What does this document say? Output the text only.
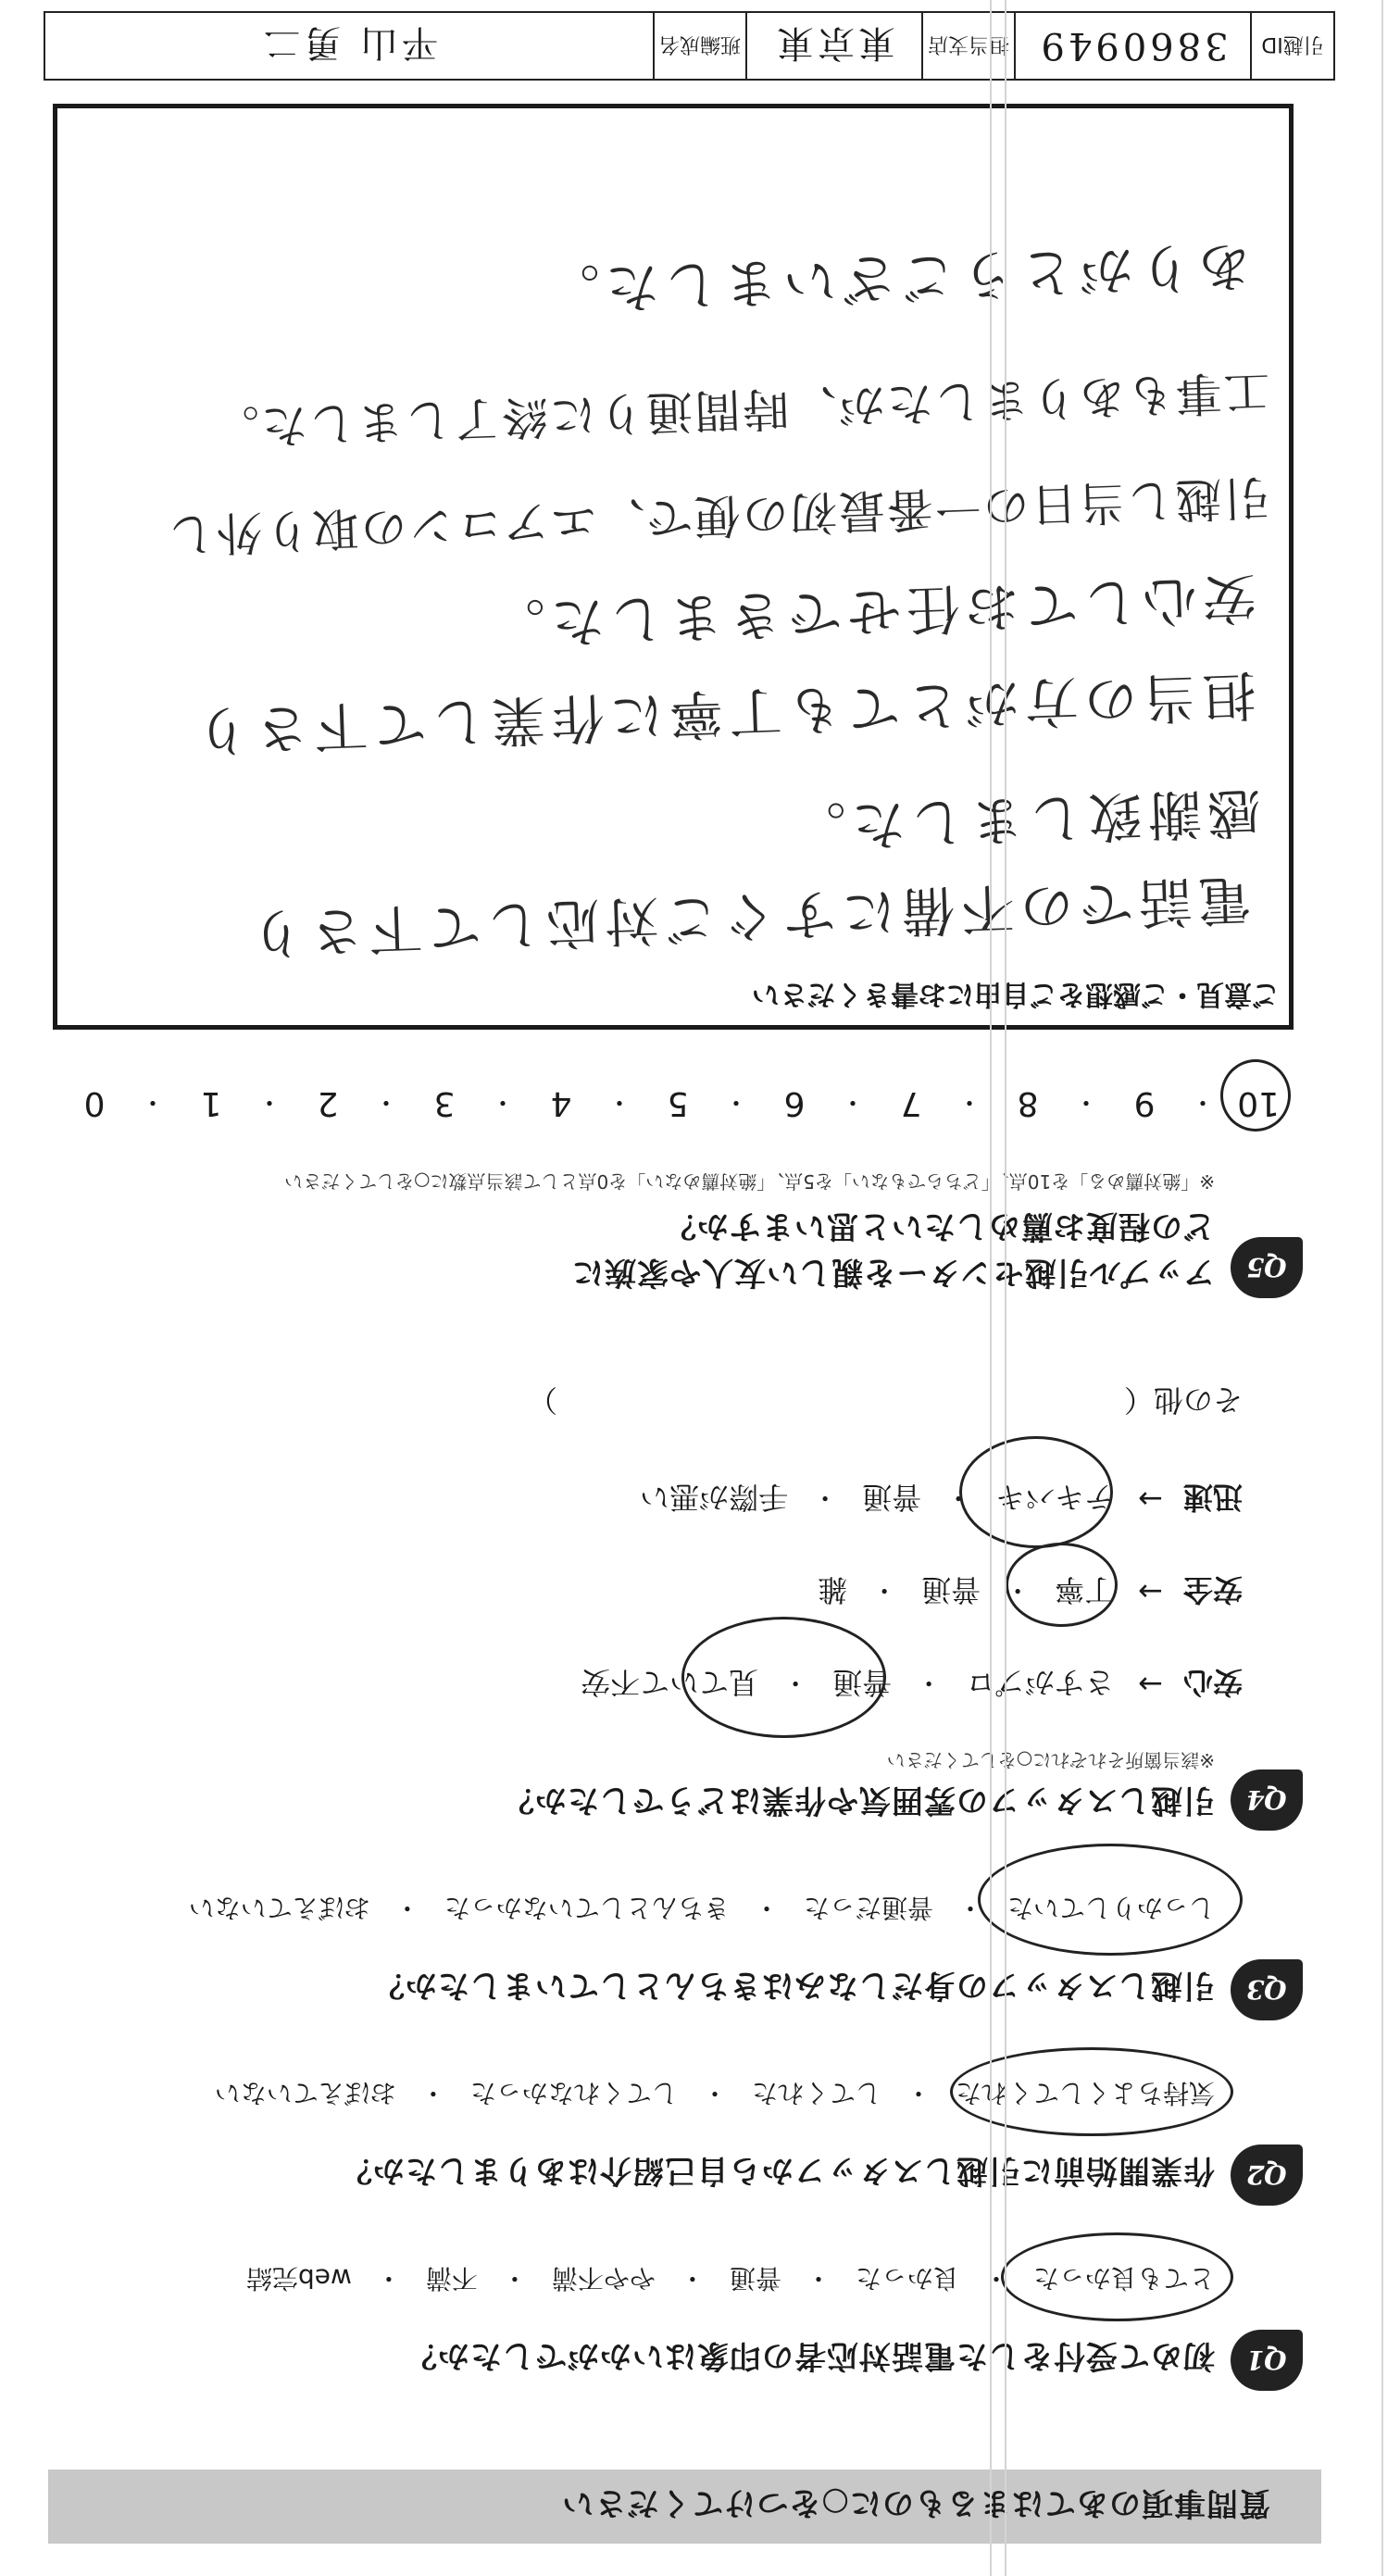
質問事項のあてはまるものに○をつけてください
Q1
初めて受付をした電話対応者の印象はいかがでしたか？
とても良かった
・
良かった
・
普通
・
やや不満
・
不満
・
web完結
Q2
作業開始前に引越しスタッフから自己紹介はありましたか？
気持ちよくしてくれた
・
してくれた
・
してくれなかった
・
おぼえていない
Q3
引越しスタッフの身だしなみはきちんとしていましたか？
しっかりしていた
・
普通だった
・
きちんとしていなかった
・
おぼえていない
Q4
引越しスタッフの雰囲気や作業はどうでしたか？
※該当箇所それぞれに○をしてください
安心
→
さすがプロ
・
普通
・
見ていて不安
安全
→
丁寧
・
普通
・
雑
迅速
→
テキパキ
・
普通
・
手際が悪い
その他（
）
Q5
アップル引越センターを親しい友人や家族に
どの程度お薦めしたいと思いますか？
※「絶対薦める」を10点、「どちらでもない」を5点、「絶対薦めない」を0点として該当点数に○をしてください
10
・
9
・
8
・
7
・
6
・
5
・
4
・
3
・
2
・
1
・
0
ご意見・ご感想をご自由にお書きください
電話での不備にすぐご対応して下さり
感謝致しました。
担当の方がとても丁寧に作業して下さり
安心してお任せできました。
引越し当日の一番最初の便で、エアコンの取り外し
工事もありましたが、時間通りに終了しました。
ありがとうございました。
引越ID
3860949
担当支店
東京東
班編成名
平山 勇二
